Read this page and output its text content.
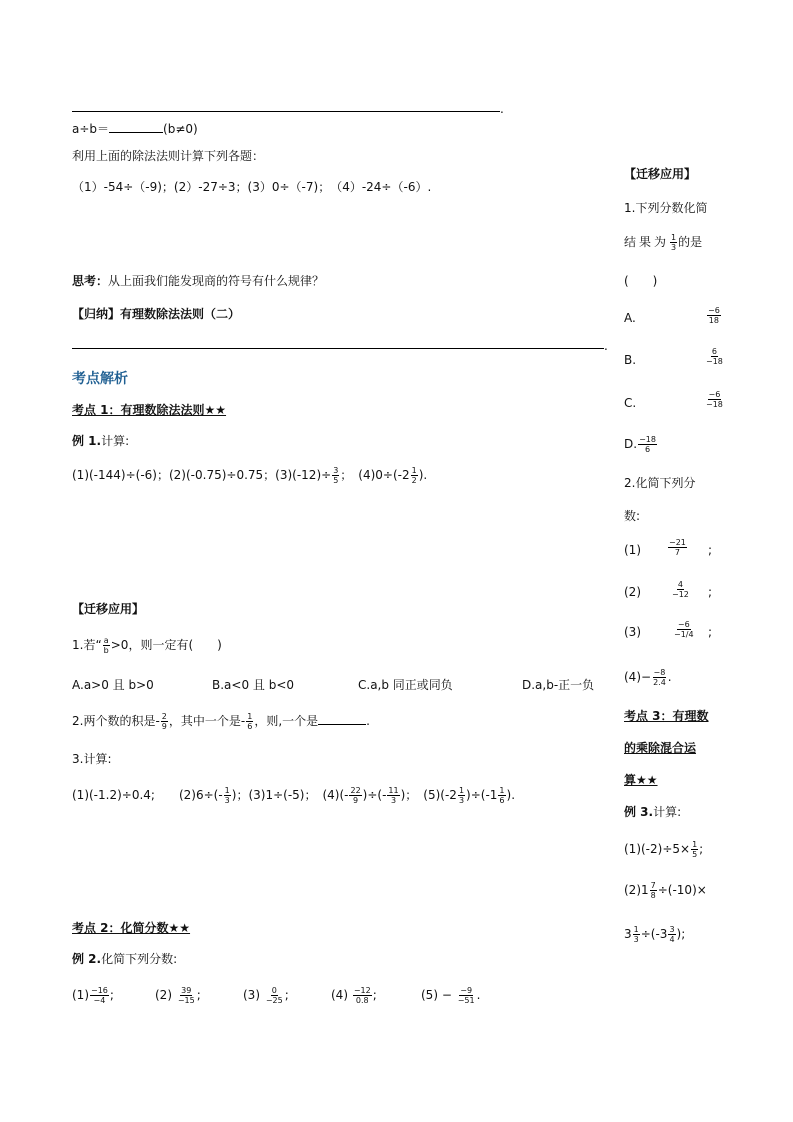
.
a÷b＝	(b≠0)
利用上面的除法法则计算下列各题：
（1）-54÷（-9)；(2）-27÷3；(3）0÷（-7)；　（4）-24÷（-6）.
思考：从上面我们能发现商的符号有什么规律？
【归纳】有理数除法法则（二）
.
考点解析
考点 1：有理数除法法则★★
例 1.计算:
(1)(-144)÷(-6)；(2)(-0.75)÷0.75；$(3)(-12)\div \frac{3}{5}$ ；　$(4)0\div(-2 \frac{1}{2}$ ).
【迁移应用】
1.若“ $\frac{a}{b} >0$，则一定有(　　)
A.a>0 且 b>0	B.a<0 且 b<0	C.a,b 同正或同负	D.a,b-正一负
2.两个数的积是- $\frac{2}{9}$ ，其中一个是- $\frac{1}{6}$ ，则,一个是	.
3.计算:
(1)(-1.2)÷0.4;　　$(2)6\div(- \frac{1}{3}$ )；(3)1÷(-5)；　$(4)(- \frac{22}{9}$ )÷(- $\frac{11}{3}$ )；　$(5)(-2 \frac{1}{3} )\div(-1 \frac{1}{6}$ ).
考点 2：化简分数★★
例 2.化简下列分数:
$(1) \frac{-16}{-4}$ ;	$(2) \frac{39}{-15}$ ;	$(3) \frac{0}{-25}$ ;	$(4) \frac{-12}{0.8}$ ;	$(5) - \frac{-9}{-51}$ .
【迁移应用】
1.下列分数化简
结果为 $\frac{1}{3}$ 的是
(　　)
A.	$\frac{-6}{18}$
B.	$\frac{6}{-18}$
C.	$\frac{-6}{-18}$
D. $\frac{-18}{6}$
2.化简下列分
数:
(1)	$\frac{-21}{7}$ ;
(2)	$\frac{4}{-12}$ ;
(3)	$\frac{-6}{-1/4}$ ;
$(4)- \frac{-8}{2.4}$ .
考点 3：有理数
的乘除混合运
算★★
例 3.计算:
$(1)(-2)\div 5\times \frac{1}{5}$ ;
$(2)1 \frac{7}{8} \div(-10)\times$
$3 \frac{1}{3} \div(-3 \frac{3}{4}$ );
